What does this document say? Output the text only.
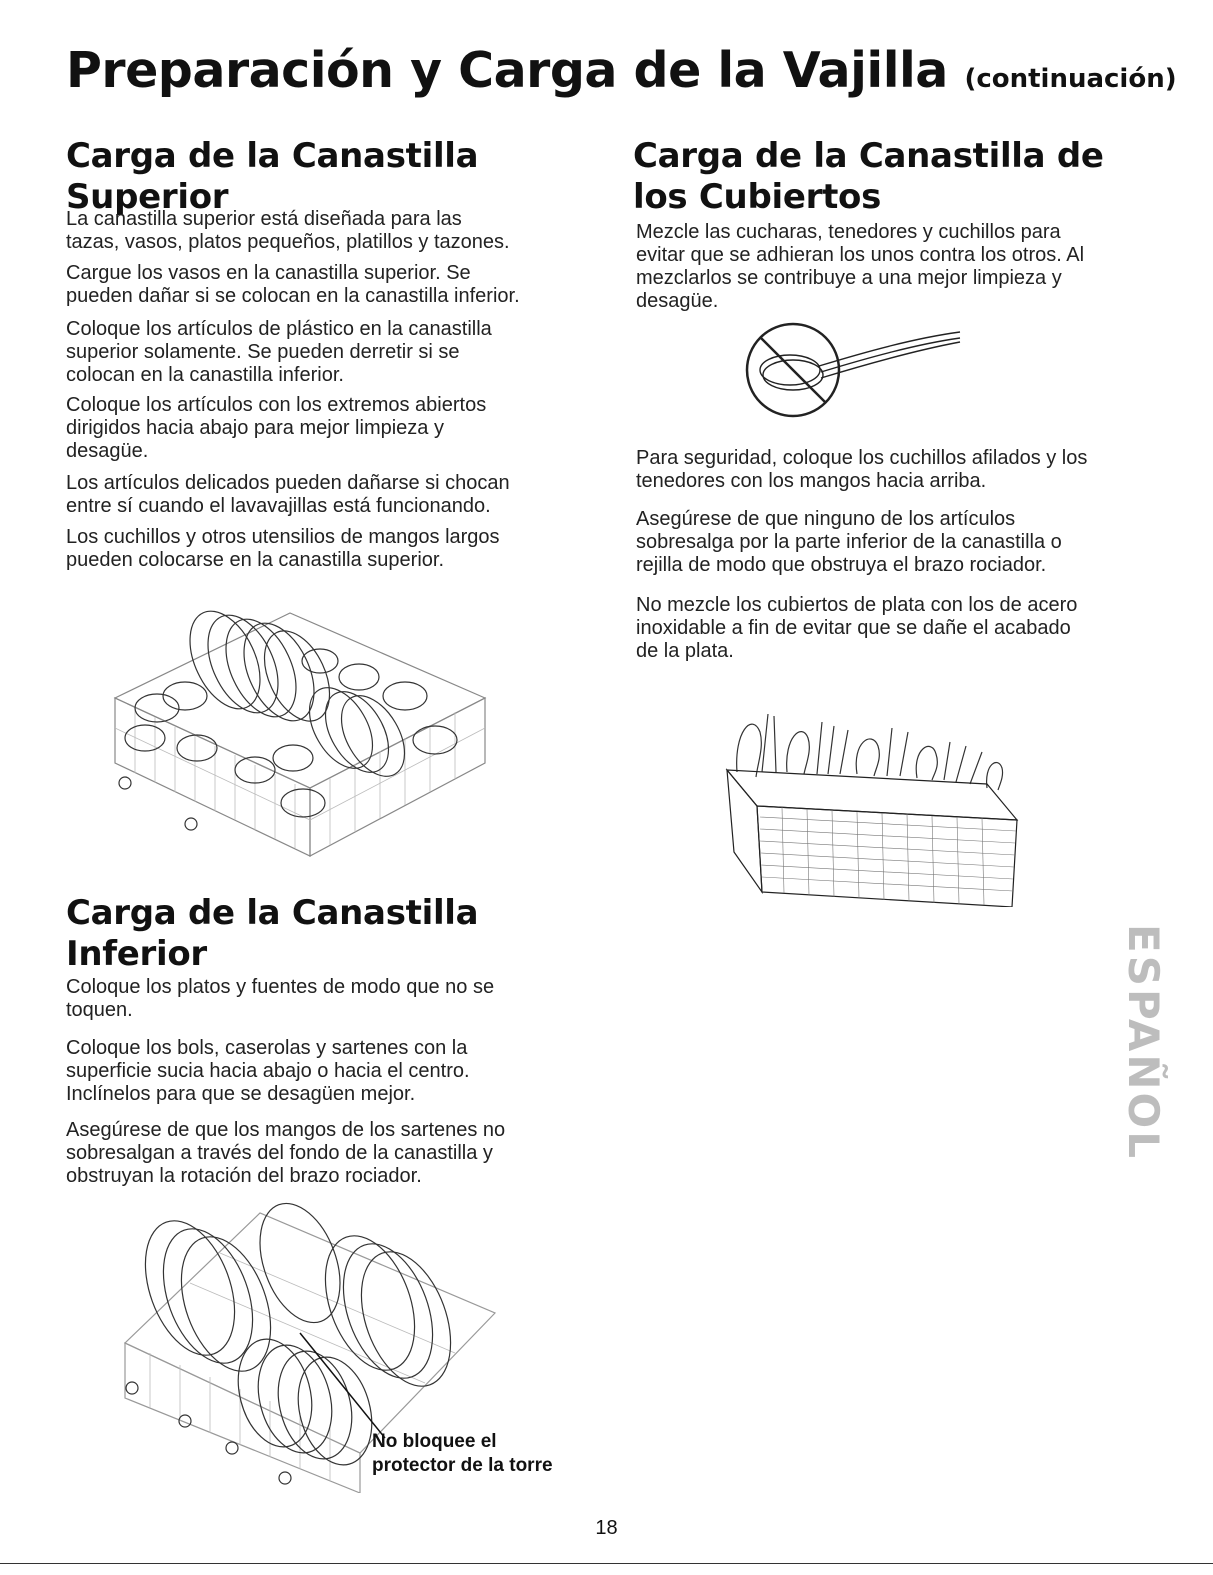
Preparación y Carga de la Vajilla (continuación)
Carga de la Canastilla
Superior

La canastilla superior está diseñada para las
tazas, vasos, platos pequeños, platillos y tazones.

Cargue los vasos en la canastilla superior. Se
pueden dañar si se colocan en la canastilla inferior.

Coloque los artículos de plástico en la canastilla
superior solamente. Se pueden derretir si se
colocan en la canastilla inferior.

Coloque los artículos con los extremos abiertos
dirigidos hacia abajo para mejor limpieza y
desagüe.

Los artículos delicados pueden dañarse si chocan
entre sí cuando el lavavajillas está funcionando.

Los cuchillos y otros utensilios de mangos largos
pueden colocarse en la canastilla superior.

Carga de la Canastilla
Inferior

Coloque los platos y fuentes de modo que no se
toquen.

Coloque los bols, caserolas y sartenes con la
superficie sucia hacia abajo o hacia el centro.
Inclínelos para que se desagüen mejor.

Asegúrese de que los mangos de los sartenes no
sobresalgan a través del fondo de la canastilla y
obstruyan la rotación del brazo rociador.

No bloquee el
protector de la torre

Carga de la Canastilla de
los Cubiertos

Mezcle las cucharas, tenedores y cuchillos para
evitar que se adhieran los unos contra los otros. Al
mezclarlos se contribuye a una mejor limpieza y
desagüe.

Para seguridad, coloque los cuchillos afilados y los
tenedores con los mangos hacia arriba.

Asegúrese de que ninguno de los artículos
sobresalga por la parte inferior de la canastilla o
rejilla de modo que obstruya el brazo rociador.

No mezcle los cubiertos de plata con los de acero
inoxidable a fin de evitar que se dañe el acabado
de la plata.

ESPAÑOL
18
